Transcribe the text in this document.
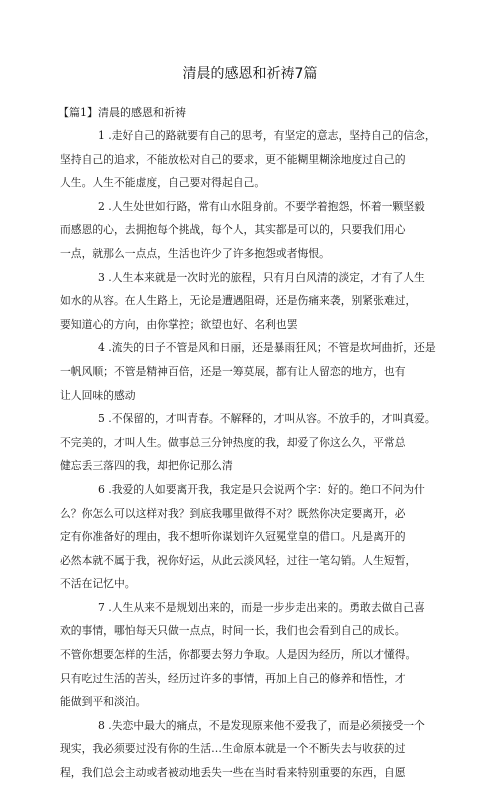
清晨的感恩和祈祷7篇
【篇1】清晨的感恩和祈祷
1 .走好自己的路就要有自己的思考，有坚定的意志，坚持自己的信念，
坚持自己的追求，不能放松对自己的要求，更不能糊里糊涂地度过自己的
人生。人生不能虚度，自己要对得起自己。
2 .人生处世如行路，常有山水阻身前。不要学着抱怨，怀着一颗坚毅
而感恩的心，去拥抱每个挑战，每个人，其实都是可以的，只要我们用心
一点，就那么一点点，生活也许少了许多抱怨或者悔恨。
3 .人生本来就是一次时光的旅程，只有月白风清的淡定，才有了人生
如水的从容。在人生路上，无论是遭遇阻碍，还是伤痛来袭，别紧张难过，
要知道心的方向，由你掌控；欲望也好、名利也罢
4 .流失的日子不管是风和日丽，还是暴雨狂风；不管是坎坷曲折，还是
一帆风顺；不管是精神百倍，还是一筹莫展，都有让人留恋的地方，也有
让人回味的感动
5 .不保留的，才叫青春。不解释的，才叫从容。不放手的，才叫真爱。
不完美的，才叫人生。做事总三分钟热度的我，却爱了你这么久，平常总
健忘丢三落四的我，却把你记那么清
6 .我爱的人如要离开我，我定是只会说两个字：好的。绝口不问为什
么？你怎么可以这样对我？到底我哪里做得不对？既然你决定要离开，必
定有你准备好的理由，我不想听你谋划许久冠冕堂皇的借口。凡是离开的
必然本就不属于我，祝你好运，从此云淡风轻，过往一笔勾销。人生短暂，
不活在记忆中。
7 .人生从来不是规划出来的，而是一步步走出来的。勇敢去做自己喜
欢的事情，哪怕每天只做一点点，时间一长，我们也会看到自己的成长。
不管你想要怎样的生活，你都要去努力争取。人是因为经历，所以才懂得。
只有吃过生活的苦头，经历过许多的事情，再加上自己的修养和悟性，才
能做到平和淡泊。
8 .失恋中最大的痛点，不是发现原来他不爱我了，而是必须接受一个
现实，我必须要过没有你的生活…生命原本就是一个不断失去与收获的过
程，我们总会主动或者被动地丢失一些在当时看来特别重要的东西，自愿
